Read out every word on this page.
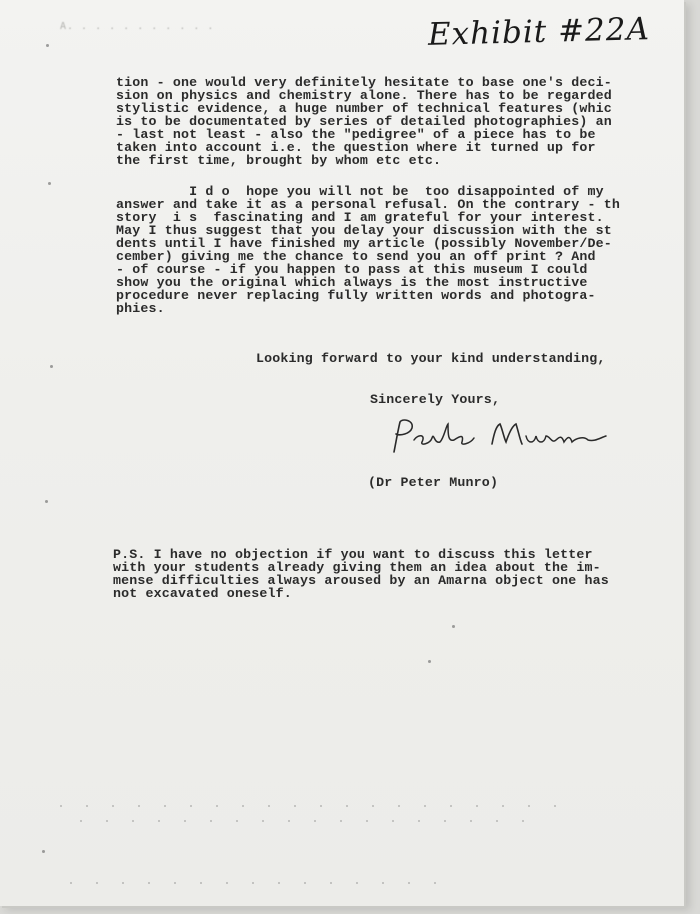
A. . . . . . . . . . .	Exhibit #22A
tion - one would very definitely hesitate to base one's deci-
sion on physics and chemistry alone. There has to be regarded
stylistic evidence, a huge number of technical features (whic
is to be documentated by series of detailed photographies) an
- last not least - also the "pedigree" of a piece has to be
taken into account i.e. the question where it turned up for
the first time, brought by whom etc etc.
I d o  hope you will not be  too disappointed of my
answer and take it as a personal refusal. On the contrary - th
story  i s  fascinating and I am grateful for your interest.
May I thus suggest that you delay your discussion with the st
dents until I have finished my article (possibly November/De-
cember) giving me the chance to send you an off print ? And
- of course - if you happen to pass at this museum I could
show you the original which always is the most instructive
procedure never replacing fully written words and photogra-
phies.
Looking forward to your kind understanding,
Sincerely Yours,
(Dr Peter Munro)
P.S. I have no objection if you want to discuss this letter
with your students already giving them an idea about the im-
mense difficulties always aroused by an Amarna object one has
not excavated oneself.
